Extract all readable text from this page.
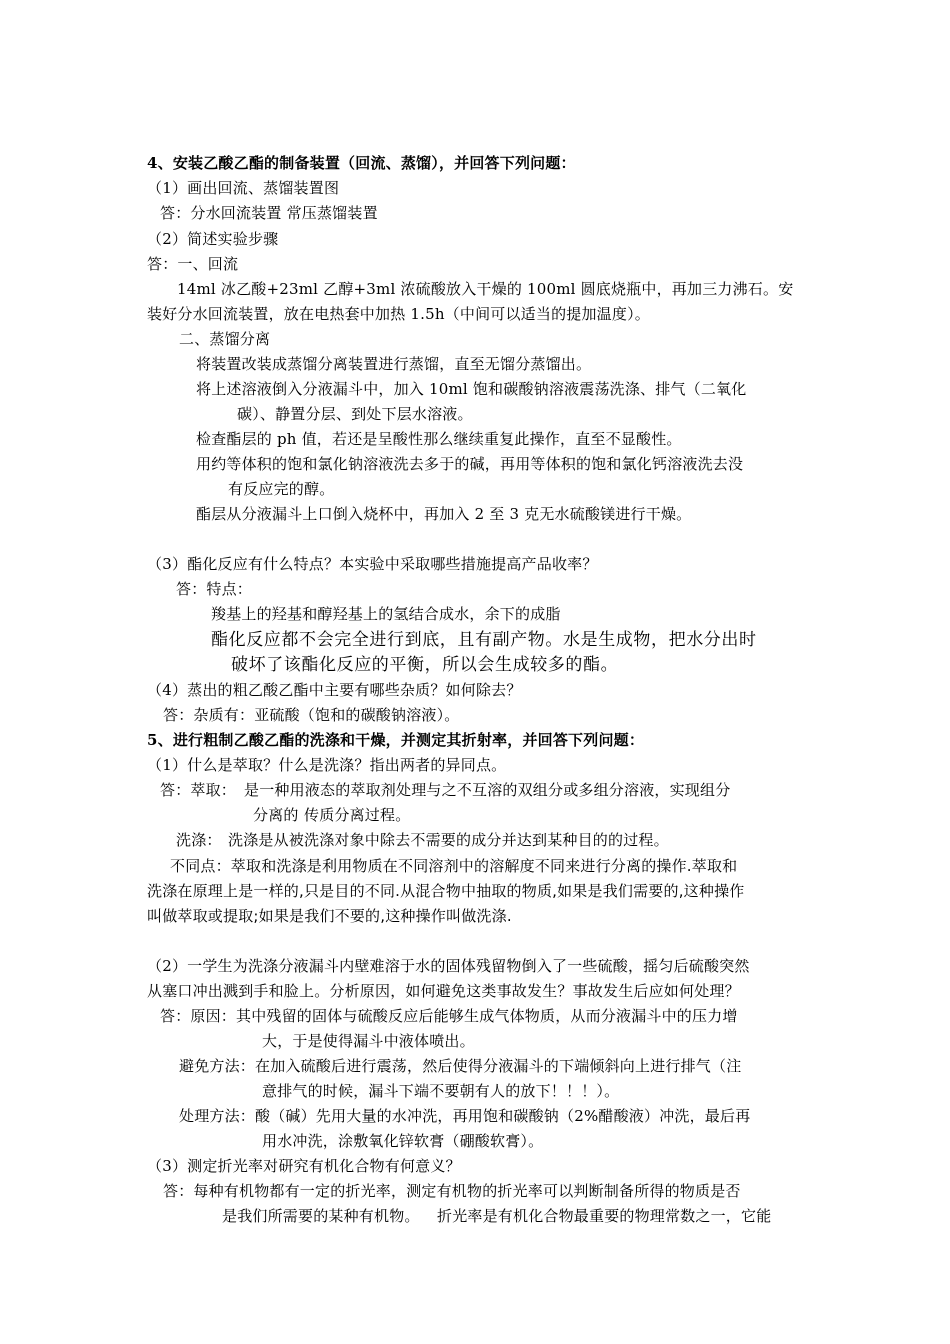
4、安装乙酸乙酯的制备装置（回流、蒸馏），并回答下列问题：
（1）画出回流、蒸馏装置图
答：分水回流装置 常压蒸馏装置
（2）简述实验步骤
答：一、回流
14ml 冰乙酸+23ml 乙醇+3ml 浓硫酸放入干燥的 100ml 圆底烧瓶中，再加三力沸石。安
装好分水回流装置，放在电热套中加热 1.5h（中间可以适当的提加温度）。
二、蒸馏分离
将装置改装成蒸馏分离装置进行蒸馏，直至无馏分蒸馏出。
将上述溶液倒入分液漏斗中，加入 10ml 饱和碳酸钠溶液震荡洗涤、排气（二氧化
碳）、静置分层、到处下层水溶液。
检查酯层的 ph 值，若还是呈酸性那么继续重复此操作，直至不显酸性。
用约等体积的饱和氯化钠溶液洗去多于的碱，再用等体积的饱和氯化钙溶液洗去没
有反应完的醇。
酯层从分液漏斗上口倒入烧杯中，再加入 2 至 3 克无水硫酸镁进行干燥。
（3）酯化反应有什么特点？本实验中采取哪些措施提高产品收率？
答：特点：
羧基上的羟基和醇羟基上的氢结合成水，余下的成脂
酯化反应都不会完全进行到底，且有副产物。水是生成物，把水分出时
破坏了该酯化反应的平衡，所以会生成较多的酯。
（4）蒸出的粗乙酸乙酯中主要有哪些杂质？如何除去？
答：杂质有：亚硫酸（饱和的碳酸钠溶液）。
5、进行粗制乙酸乙酯的洗涤和干燥，并测定其折射率，并回答下列问题：
（1）什么是萃取？什么是洗涤？指出两者的异同点。
答：萃取： 是一种用液态的萃取剂处理与之不互溶的双组分或多组分溶液，实现组分
分离的 传质分离过程。
洗涤： 洗涤是从被洗涤对象中除去不需要的成分并达到某种目的的过程。
不同点：萃取和洗涤是利用物质在不同溶剂中的溶解度不同来进行分离的操作.萃取和
洗涤在原理上是一样的,只是目的不同.从混合物中抽取的物质,如果是我们需要的,这种操作
叫做萃取或提取;如果是我们不要的,这种操作叫做洗涤.
（2）一学生为洗涤分液漏斗内壁难溶于水的固体残留物倒入了一些硫酸，摇匀后硫酸突然
从塞口冲出溅到手和脸上。分析原因，如何避免这类事故发生？事故发生后应如何处理？
答：原因：其中残留的固体与硫酸反应后能够生成气体物质，从而分液漏斗中的压力增
大，于是使得漏斗中液体喷出。
避免方法：在加入硫酸后进行震荡，然后使得分液漏斗的下端倾斜向上进行排气（注
意排气的时候，漏斗下端不要朝有人的放下！！！）。
处理方法：酸（碱）先用大量的水冲洗，再用饱和碳酸钠（2%醋酸液）冲洗，最后再
用水冲洗，涂敷氧化锌软膏（硼酸软膏）。
（3）测定折光率对研究有机化合物有何意义？
答：每种有机物都有一定的折光率，测定有机物的折光率可以判断制备所得的物质是否
是我们所需要的某种有机物。 折光率是有机化合物最重要的物理常数之一，它能
